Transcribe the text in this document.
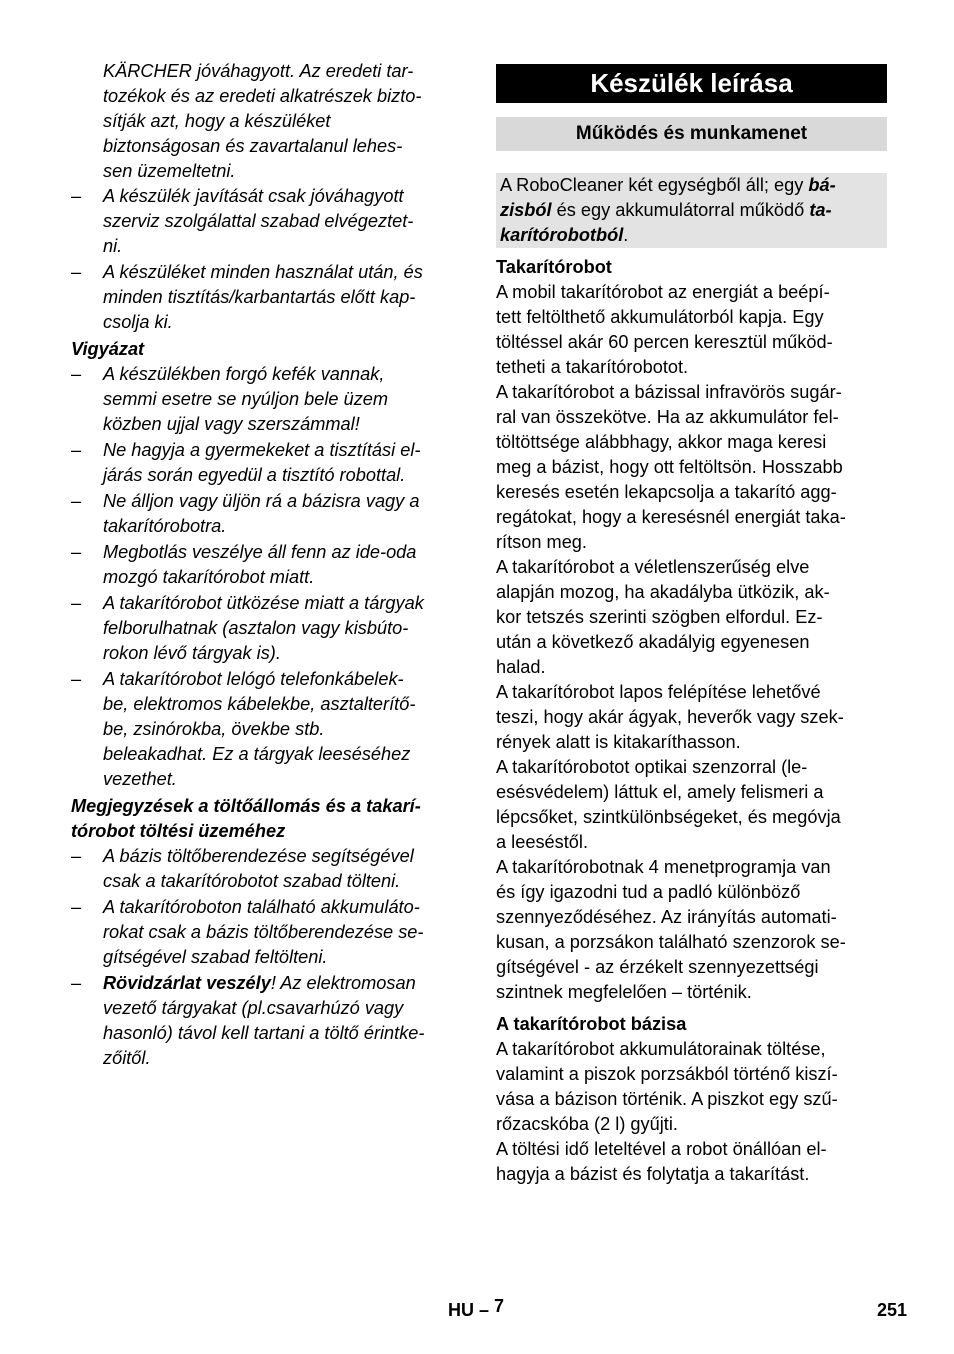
KÄRCHER jóváhagyott. Az eredeti tar-
tozékok és az eredeti alkatrészek bizto-
sítják azt, hogy a készüléket
biztonságosan és zavartalanul lehes-
sen üzemeltetni.
– A készülék javítását csak jóváhagyott
szerviz szolgálattal szabad elvégeztet-
ni.
– A készüléket minden használat után, és
minden tisztítás/karbantartás előtt kap-
csolja ki.
Vigyázat
– A készülékben forgó kefék vannak,
semmi esetre se nyúljon bele üzem
közben ujjal vagy szerszámmal!
– Ne hagyja a gyermekeket a tisztítási el-
járás során egyedül a tisztító robottal.
– Ne álljon vagy üljön rá a bázisra vagy a
takarítórobotra.
– Megbotlás veszélye áll fenn az ide-oda
mozgó takarítórobot miatt.
– A takarítórobot ütközése miatt a tárgyak
felborulhatnak (asztalon vagy kisbúto-
rokon lévő tárgyak is).
– A takarítórobot lelógó telefonkábelek-
be, elektromos kábelekbe, asztalterítő-
be, zsinórokba, övekbe stb.
beleakadhat. Ez a tárgyak leeséséhez
vezethet.
Megjegyzések a töltőállomás és a takarí-
tórobot töltési üzeméhez
– A bázis töltőberendezése segítségével
csak a takarítórobotot szabad tölteni.
– A takarítóroboton található akkumuláto-
rokat csak a bázis töltőberendezése se-
gítségével szabad feltölteni.
– Rövidzárlat veszély! Az elektromosan
vezető tárgyakat (pl.csavarhúzó vagy
hasonló) távol kell tartani a töltő érintke-
zőitől.
Készülék leírása
Működés és munkamenet
A RoboCleaner két egységből áll; egy bá-
zisból és egy akkumulátorral működő ta-
karítórobotból.
Takarítórobot
A mobil takarítórobot az energiát a beépí-
tett feltölthető akkumulátorból kapja. Egy
töltéssel akár 60 percen keresztül működ-
tetheti a takarítórobotot.
A takarítórobot a bázissal infravörös sugár-
ral van összekötve. Ha az akkumulátor fel-
töltöttsége alábbhagy, akkor maga keresi
meg a bázist, hogy ott feltöltsön. Hosszabb
keresés esetén lekapcsolja a takarító agg-
regátokat, hogy a keresésnél energiát taka-
rítson meg.
A takarítórobot a véletlenszerűség elve
alapján mozog, ha akadályba ütközik, ak-
kor tetszés szerinti szögben elfordul. Ez-
után a következő akadályig egyenesen
halad.
A takarítórobot lapos felépítése lehetővé
teszi, hogy akár ágyak, heverők vagy szek-
rények alatt is kitakaríthasson.
A takarítórobotot optikai szenzorral (le-
esésvédelem) láttuk el, amely felismeri a
lépcsőket, szintkülönbségeket, és megóvja
a leeséstől.
A takarítórobotnak 4 menetprogramja van
és így igazodni tud a padló különböző
szennyeződéséhez. Az irányítás automati-
kusan, a porzsákon található szenzorok se-
gítségével - az érzékelt szennyezettségi
szintnek megfelelően – történik.
A takarítórobot bázisa
A takarítórobot akkumulátorainak töltése,
valamint a piszok porzsákból történő kiszí-
vása a bázison történik. A piszkot egy szű-
rőzacskóba (2 l) gyűjti.
A töltési idő leteltével a robot önállóan el-
hagyja a bázist és folytatja a takarítást.
HU – 7	251
